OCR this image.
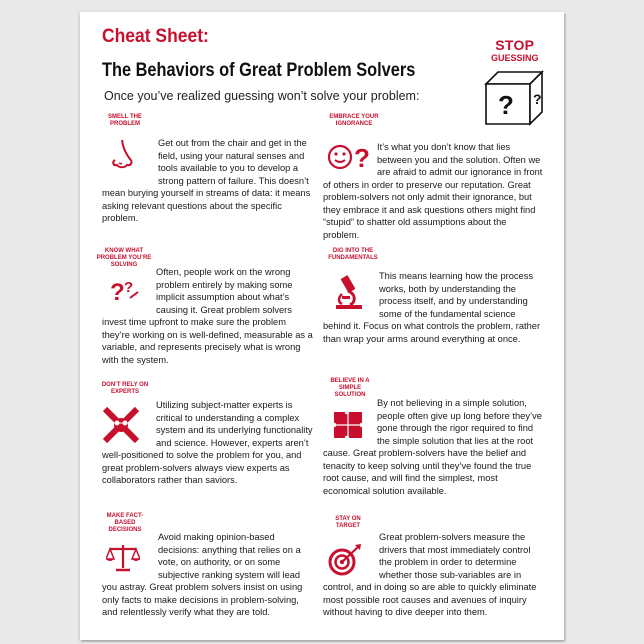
Cheat Sheet:
The Behaviors of Great Problem Solvers
Once you’ve realized guessing won’t solve your problem:
STOP
GUESSING
? ?
SMELL THE PROBLEM
Get out from the chair and get in the field, using your natural senses and tools available to you to develop a strong pattern of failure. This doesn’t mean burying yourself in streams of data: it means asking relevant questions about the specific problem.
EMBRACE YOUR IGNORANCE
? It’s what you don’t know that lies between you and the solution. Often we are afraid to admit our ignorance in front of others in order to preserve our reputation. Great problem-solvers not only admit their ignorance, but they embrace it and ask questions others might find “stupid” to shatter old assumptions about the problem.
KNOW WHAT PROBLEM YOU’RE SOLVING
? ?
Often, people work on the wrong problem entirely by making some implicit assumption about what’s causing it. Great problem solvers invest time upfront to make sure the problem they’re working on is well-defined, measurable as a variable, and represents precisely what is wrong with the system.
DIG INTO THE FUNDAMENTALS
This means learning how the process works, both by understanding the process itself, and by understanding some of the fundamental science behind it. Focus on what controls the problem, rather than wrap your arms around everything at once.
DON’T RELY ON EXPERTS
Utilizing subject-matter experts is critical to understanding a complex system and its underlying functionality and science. However, experts aren’t well-positioned to solve the problem for you, and great problem-solvers always view experts as collaborators rather than saviors.
BELIEVE IN A SIMPLE SOLUTION
By not believing in a simple solution, people often give up long before they’ve gone through the rigor required to find the simple solution that lies at the root cause. Great problem-solvers have the belief and tenacity to keep solving until they’ve found the true root cause, and will find the simplest, most economical solution available.
MAKE FACT-BASED DECISIONS
Avoid making opinion-based decisions: anything that relies on a vote, on authority, or on some subjective ranking system will lead you astray. Great problem solvers insist on using only facts to make decisions in problem-solving, and relentlessly verify what they are told.
STAY ON TARGET
Great problem-solvers measure the drivers that most immediately control the problem in order to determine whether those sub-variables are in control, and in doing so are able to quickly eliminate most possible root causes and avenues of inquiry without having to dive deeper into them.
